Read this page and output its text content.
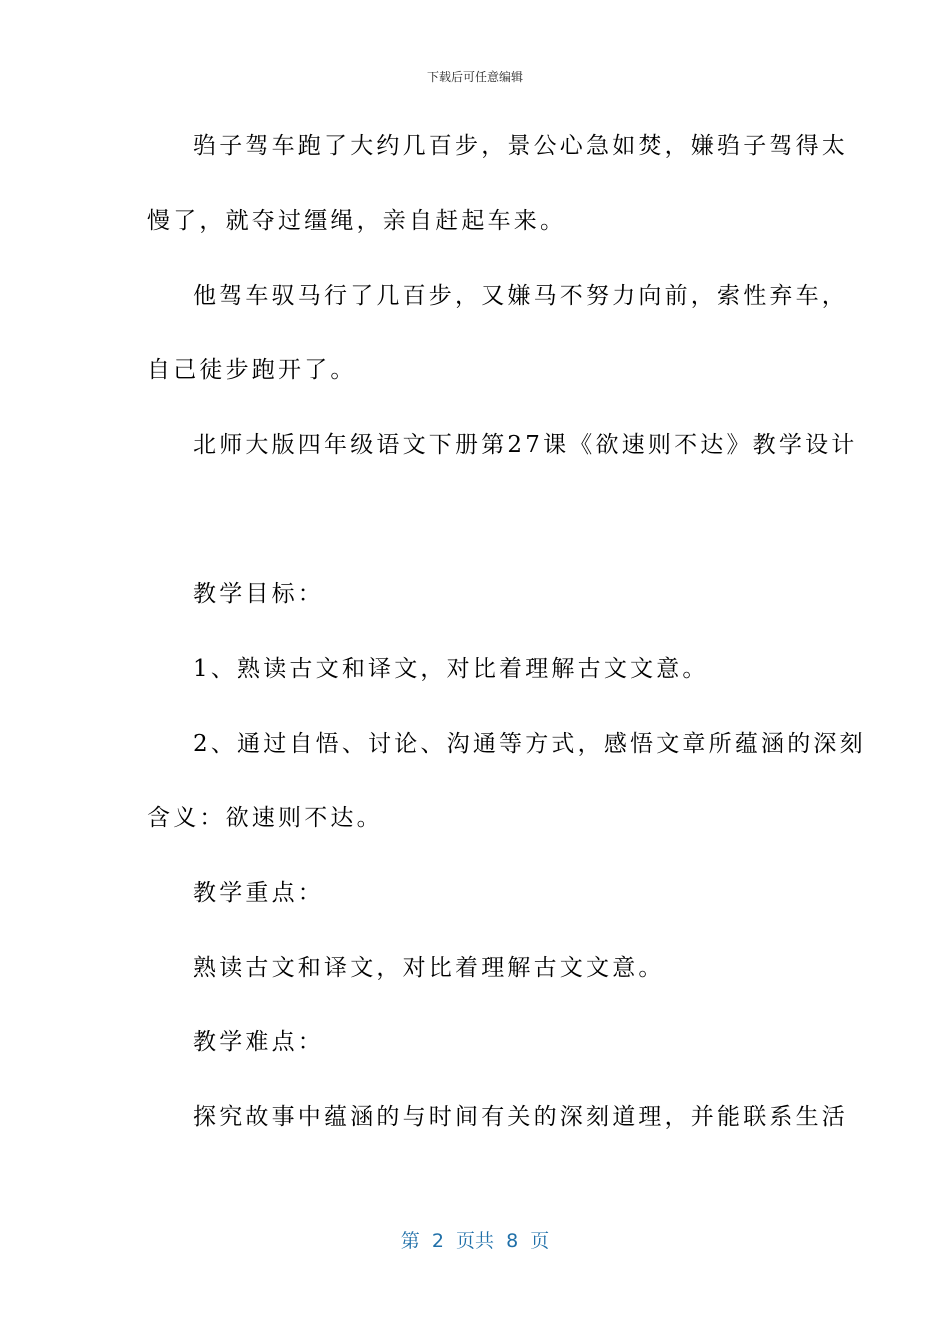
下载后可任意编辑
驺子驾车跑了大约几百步，景公心急如焚，嫌驺子驾得太
慢了，就夺过缰绳，亲自赶起车来。
他驾车驭马行了几百步，又嫌马不努力向前，索性弃车，
自己徒步跑开了。
北师大版四年级语文下册第27课《欲速则不达》教学设计
教学目标：
1、熟读古文和译文，对比着理解古文文意。
2、通过自悟、讨论、沟通等方式，感悟文章所蕴涵的深刻
含义：欲速则不达。
教学重点：
熟读古文和译文，对比着理解古文文意。
教学难点：
探究故事中蕴涵的与时间有关的深刻道理，并能联系生活
第  2  页共  8  页
